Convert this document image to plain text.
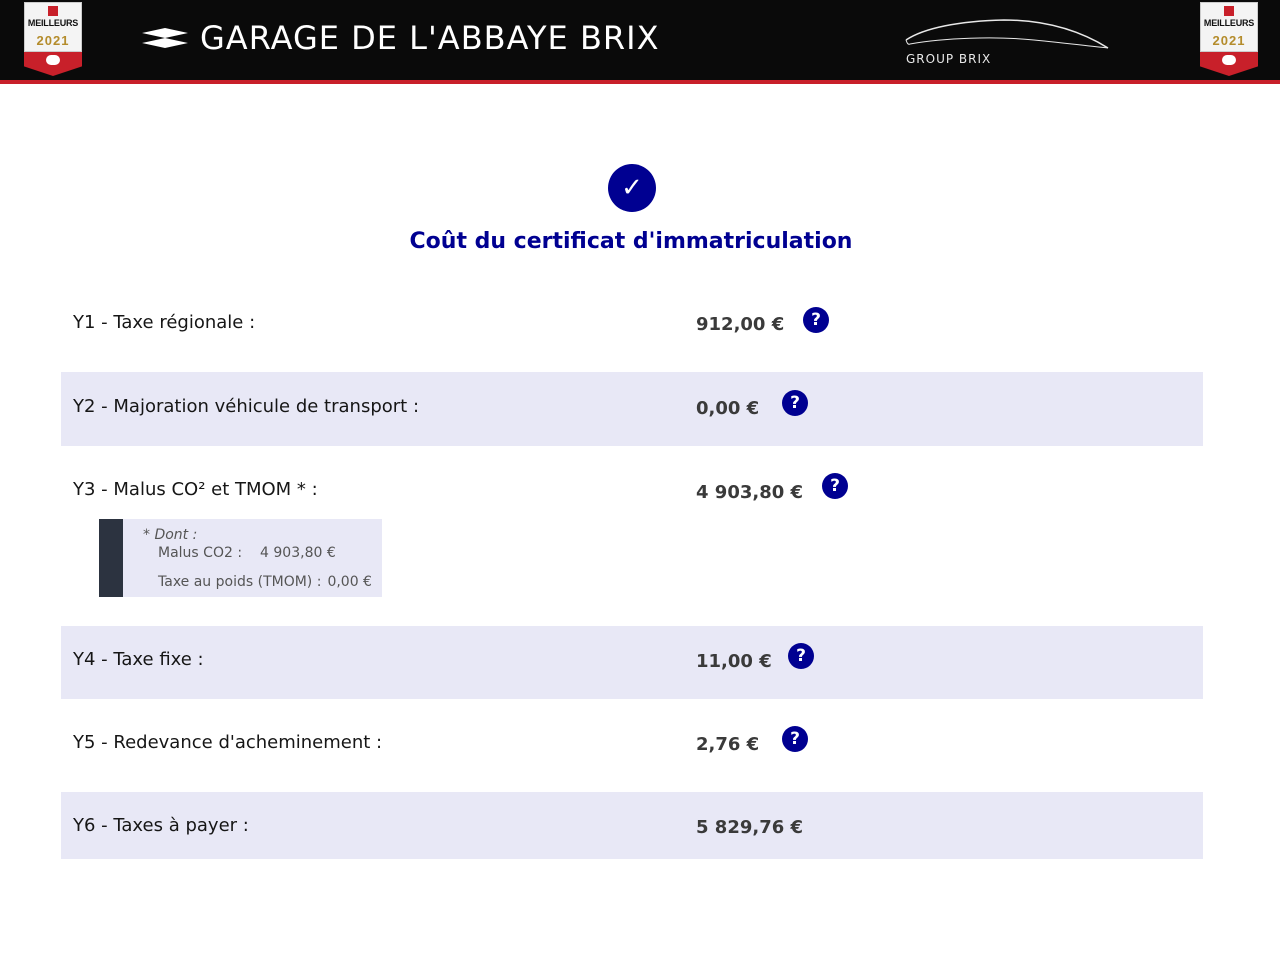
MEILLEURS
2021	GARAGE DE L'ABBAYE BRIX
GROUP BRIX
MEILLEURS
2021
✓
Coût du certificat d'immatriculation
Y1 - Taxe régionale :	912,00 €	?
Y2 - Majoration véhicule de transport :	0,00 €	?
Y3 - Malus CO² et TMOM * :	4 903,80 €	?
* Dont :
Malus CO2 : 4 903,80 €
Taxe au poids (TMOM) : 0,00 €
Y4 - Taxe fixe :	11,00 €	?
Y5 - Redevance d'acheminement :	2,76 €	?
Y6 - Taxes à payer :	5 829,76 €
